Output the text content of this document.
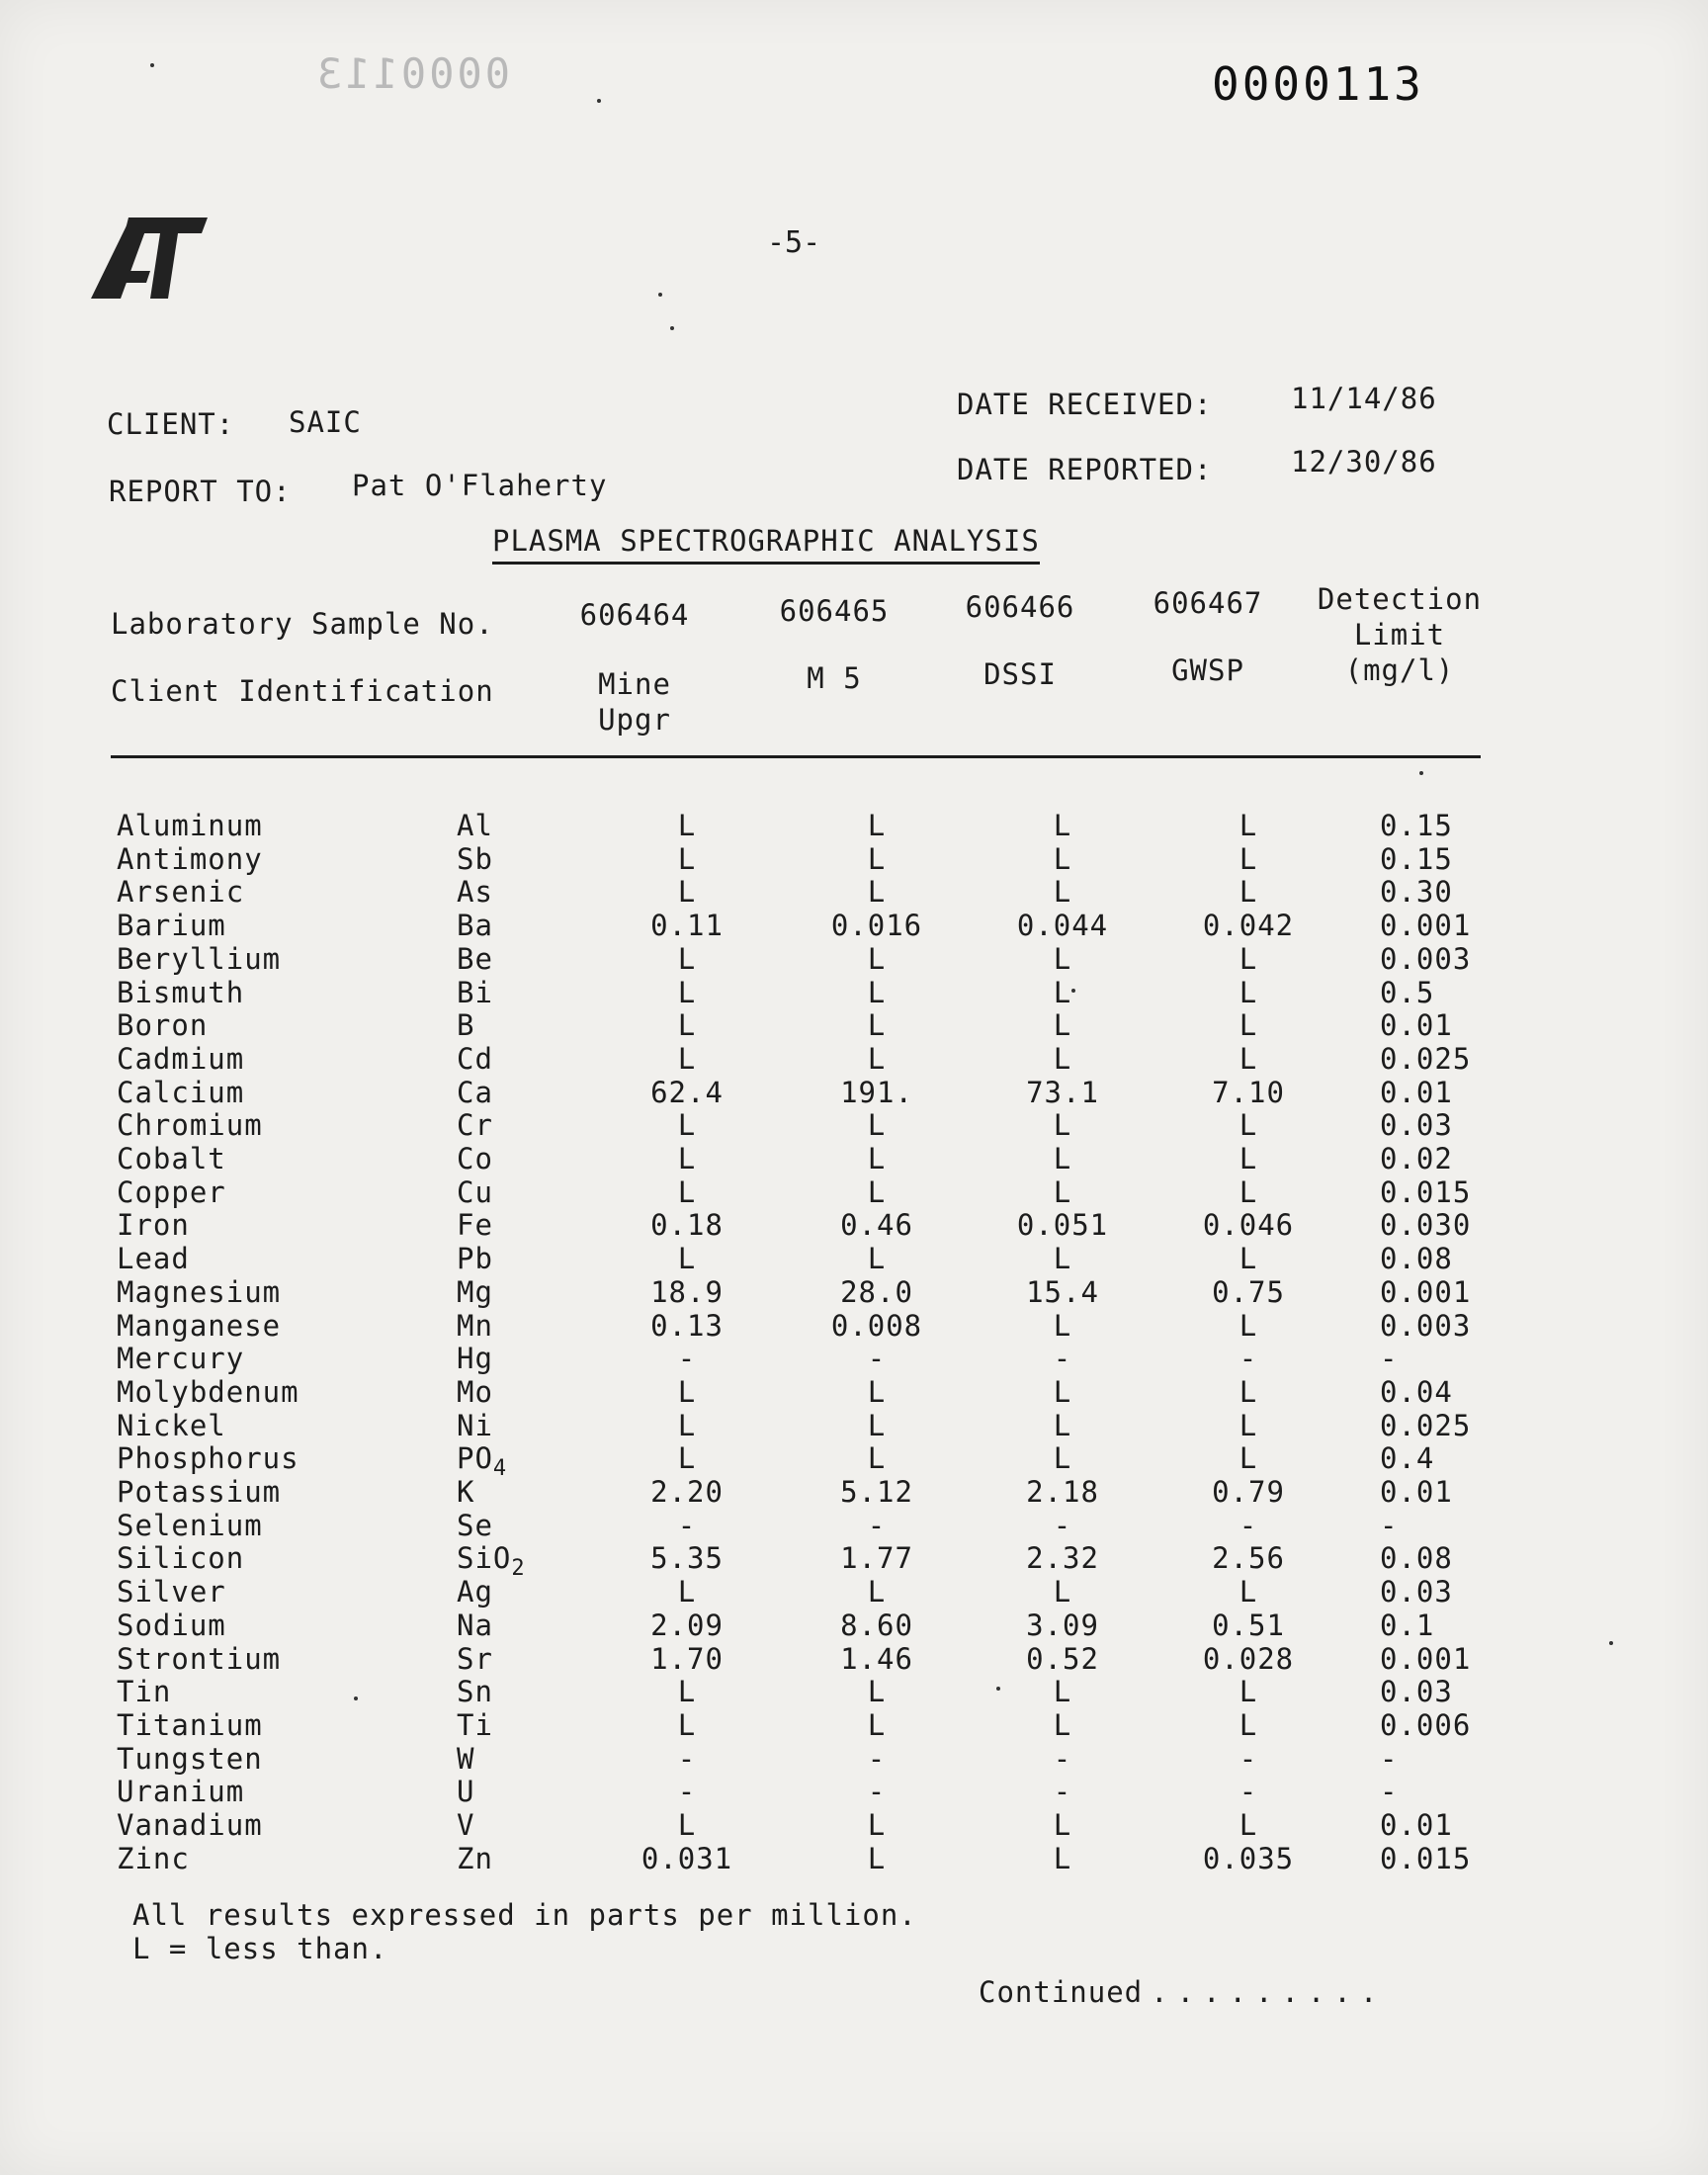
0000113	0000113
-5-
CLIENT: SAIC
REPORT TO: Pat O'Flaherty
DATE RECEIVED:	11/14/86
DATE REPORTED:	12/30/86
PLASMA SPECTROGRAPHIC ANALYSIS
Laboratory Sample No.
Client Identification
606464	606465	606466	606467
Mine
Upgr
M 5	DSSI	GWSP
Detection
Limit
(mg/l)
Aluminum	Al	L	L	L	L	0.15
Antimony	Sb	L	L	L	L	0.15
Arsenic	As	L	L	L	L	0.30
Barium	Ba	0.11	0.016	0.044	0.042	0.001
Beryllium	Be	L	L	L	L	0.003
Bismuth	Bi	L	L	L	L	0.5
Boron	B	L	L	L	L	0.01
Cadmium	Cd	L	L	L	L	0.025
Calcium	Ca	62.4	191.	73.1	7.10	0.01
Chromium	Cr	L	L	L	L	0.03
Cobalt	Co	L	L	L	L	0.02
Copper	Cu	L	L	L	L	0.015
Iron	Fe	0.18	0.46	0.051	0.046	0.030
Lead	Pb	L	L	L	L	0.08
Magnesium	Mg	18.9	28.0	15.4	0.75	0.001
Manganese	Mn	0.13	0.008	L	L	0.003
Mercury	Hg	-	-	-	-	-
Molybdenum	Mo	L	L	L	L	0.04
Nickel	Ni	L	L	L	L	0.025
Phosphorus	$PO_4$	L	L	L	L	0.4
Potassium	K	2.20	5.12	2.18	0.79	0.01
Selenium	Se	-	-	-	-	-
Silicon	SiO$_2$	5.35	1.77	2.32	2.56	0.08
Silver	Ag	L	L	L	L	0.03
Sodium	Na	2.09	8.60	3.09	0.51	0.1
Strontium	Sr	1.70	1.46	0.52	0.028	0.001
Tin	Sn	L	L	L	L	0.03
Titanium	Ti	L	L	L	L	0.006
Tungsten	W	-	-	-	-	-
Uranium	U	-	-	-	-	-
Vanadium	V	L	L	L	L	0.01
Zinc	Zn	0.031	L	L	0.035	0.015
All results expressed in parts per million.
L = less than.
Continued .........
